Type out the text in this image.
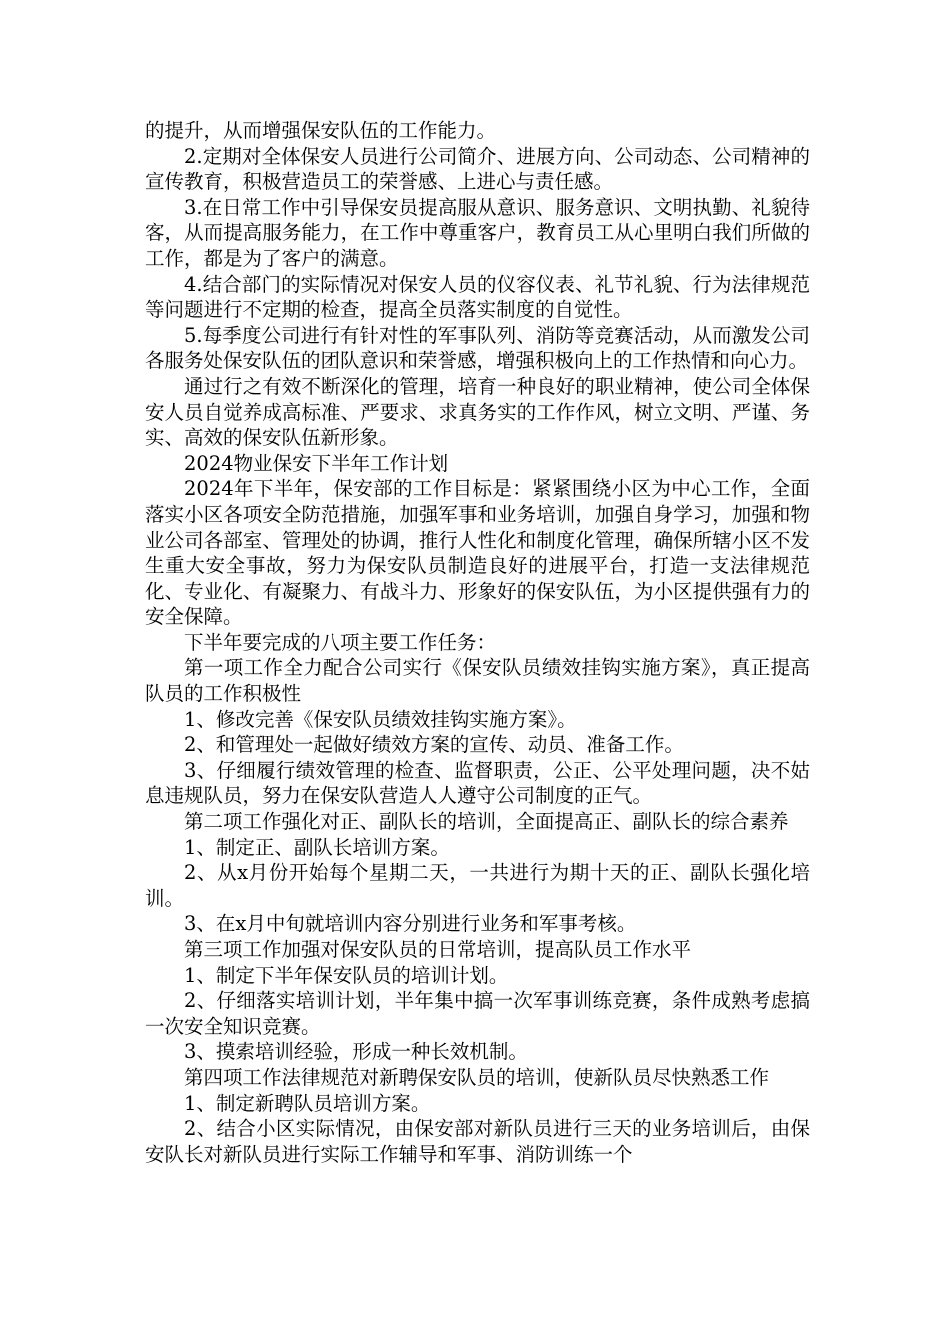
的提升，从而增强保安队伍的工作能力。

2.定期对全体保安人员进行公司简介、进展方向、公司动态、公司精神的宣传教育，积极营造员工的荣誉感、上进心与责任感。

3.在日常工作中引导保安员提高服从意识、服务意识、文明执勤、礼貌待客，从而提高服务能力，在工作中尊重客户，教育员工从心里明白我们所做的工作，都是为了客户的满意。

4.结合部门的实际情况对保安人员的仪容仪表、礼节礼貌、行为法律规范等问题进行不定期的检查，提高全员落实制度的自觉性。

5.每季度公司进行有针对性的军事队列、消防等竞赛活动，从而激发公司各服务处保安队伍的团队意识和荣誉感，增强积极向上的工作热情和向心力。

通过行之有效不断深化的管理，培育一种良好的职业精神，使公司全体保安人员自觉养成高标准、严要求、求真务实的工作作风，树立文明、严谨、务实、高效的保安队伍新形象。

2024物业保安下半年工作计划

2024年下半年，保安部的工作目标是：紧紧围绕小区为中心工作，全面落实小区各项安全防范措施，加强军事和业务培训，加强自身学习，加强和物业公司各部室、管理处的协调，推行人性化和制度化管理，确保所辖小区不发生重大安全事故，努力为保安队员制造良好的进展平台，打造一支法律规范化、专业化、有凝聚力、有战斗力、形象好的保安队伍，为小区提供强有力的安全保障。

下半年要完成的八项主要工作任务：

第一项工作全力配合公司实行《保安队员绩效挂钩实施方案》，真正提高队员的工作积极性

1、修改完善《保安队员绩效挂钩实施方案》。

2、和管理处一起做好绩效方案的宣传、动员、准备工作。

3、仔细履行绩效管理的检查、监督职责，公正、公平处理问题，决不姑息违规队员，努力在保安队营造人人遵守公司制度的正气。

第二项工作强化对正、副队长的培训，全面提高正、副队长的综合素养

1、制定正、副队长培训方案。

2、从x月份开始每个星期二天，一共进行为期十天的正、副队长强化培训。

3、在x月中旬就培训内容分别进行业务和军事考核。

第三项工作加强对保安队员的日常培训，提高队员工作水平

1、制定下半年保安队员的培训计划。

2、仔细落实培训计划，半年集中搞一次军事训练竞赛，条件成熟考虑搞一次安全知识竞赛。

3、摸索培训经验，形成一种长效机制。

第四项工作法律规范对新聘保安队员的培训，使新队员尽快熟悉工作

1、制定新聘队员培训方案。

2、结合小区实际情况，由保安部对新队员进行三天的业务培训后，由保安队长对新队员进行实际工作辅导和军事、消防训练一个
